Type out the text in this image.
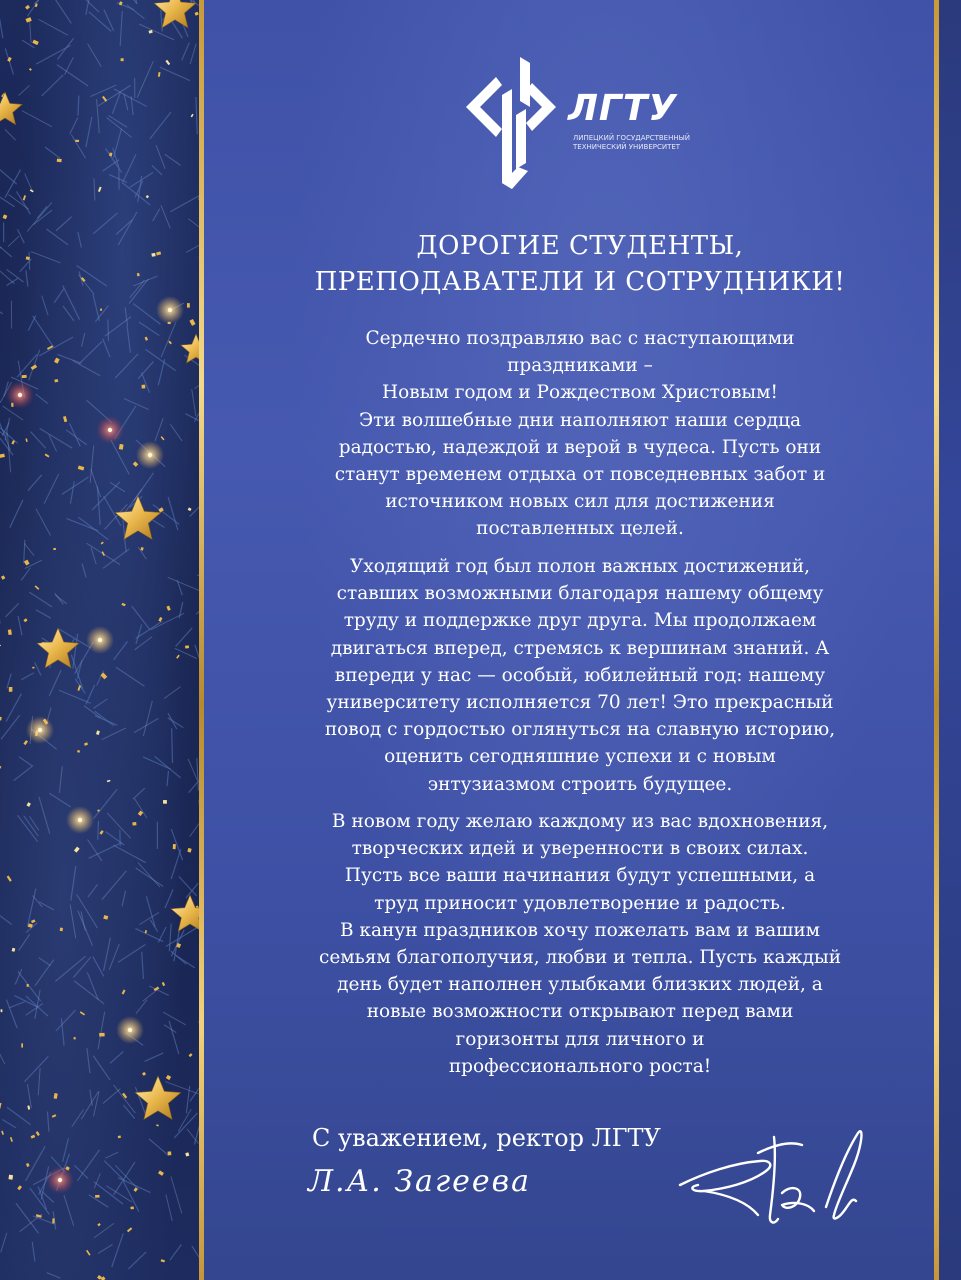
ЛГТУ
ЛИПЕЦКИЙ ГОСУДАРСТВЕННЫЙ
ТЕХНИЧЕСКИЙ УНИВЕРСИТЕТ
ДОРОГИЕ СТУДЕНТЫ,
ПРЕПОДАВАТЕЛИ И СОТРУДНИКИ!
Сердечно поздравляю вас с наступающими
праздниками –
Новым годом и Рождеством Христовым!
Эти волшебные дни наполняют наши сердца
радостью, надеждой и верой в чудеса. Пусть они
станут временем отдыха от повседневных забот и
источником новых сил для достижения
поставленных целей.
Уходящий год был полон важных достижений,
ставших возможными благодаря нашему общему
труду и поддержке друг друга. Мы продолжаем
двигаться вперед, стремясь к вершинам знаний. А
впереди у нас — особый, юбилейный год: нашему
университету исполняется 70 лет! Это прекрасный
повод с гордостью оглянуться на славную историю,
оценить сегодняшние успехи и с новым
энтузиазмом строить будущее.
В новом году желаю каждому из вас вдохновения,
творческих идей и уверенности в своих силах.
Пусть все ваши начинания будут успешными, а
труд приносит удовлетворение и радость.
В канун праздников хочу пожелать вам и вашим
семьям благополучия, любви и тепла. Пусть каждый
день будет наполнен улыбками близких людей, а
новые возможности открывают перед вами
горизонты для личного и
профессионального роста!
С уважением, ректор ЛГТУ
Л.А. Загеева
